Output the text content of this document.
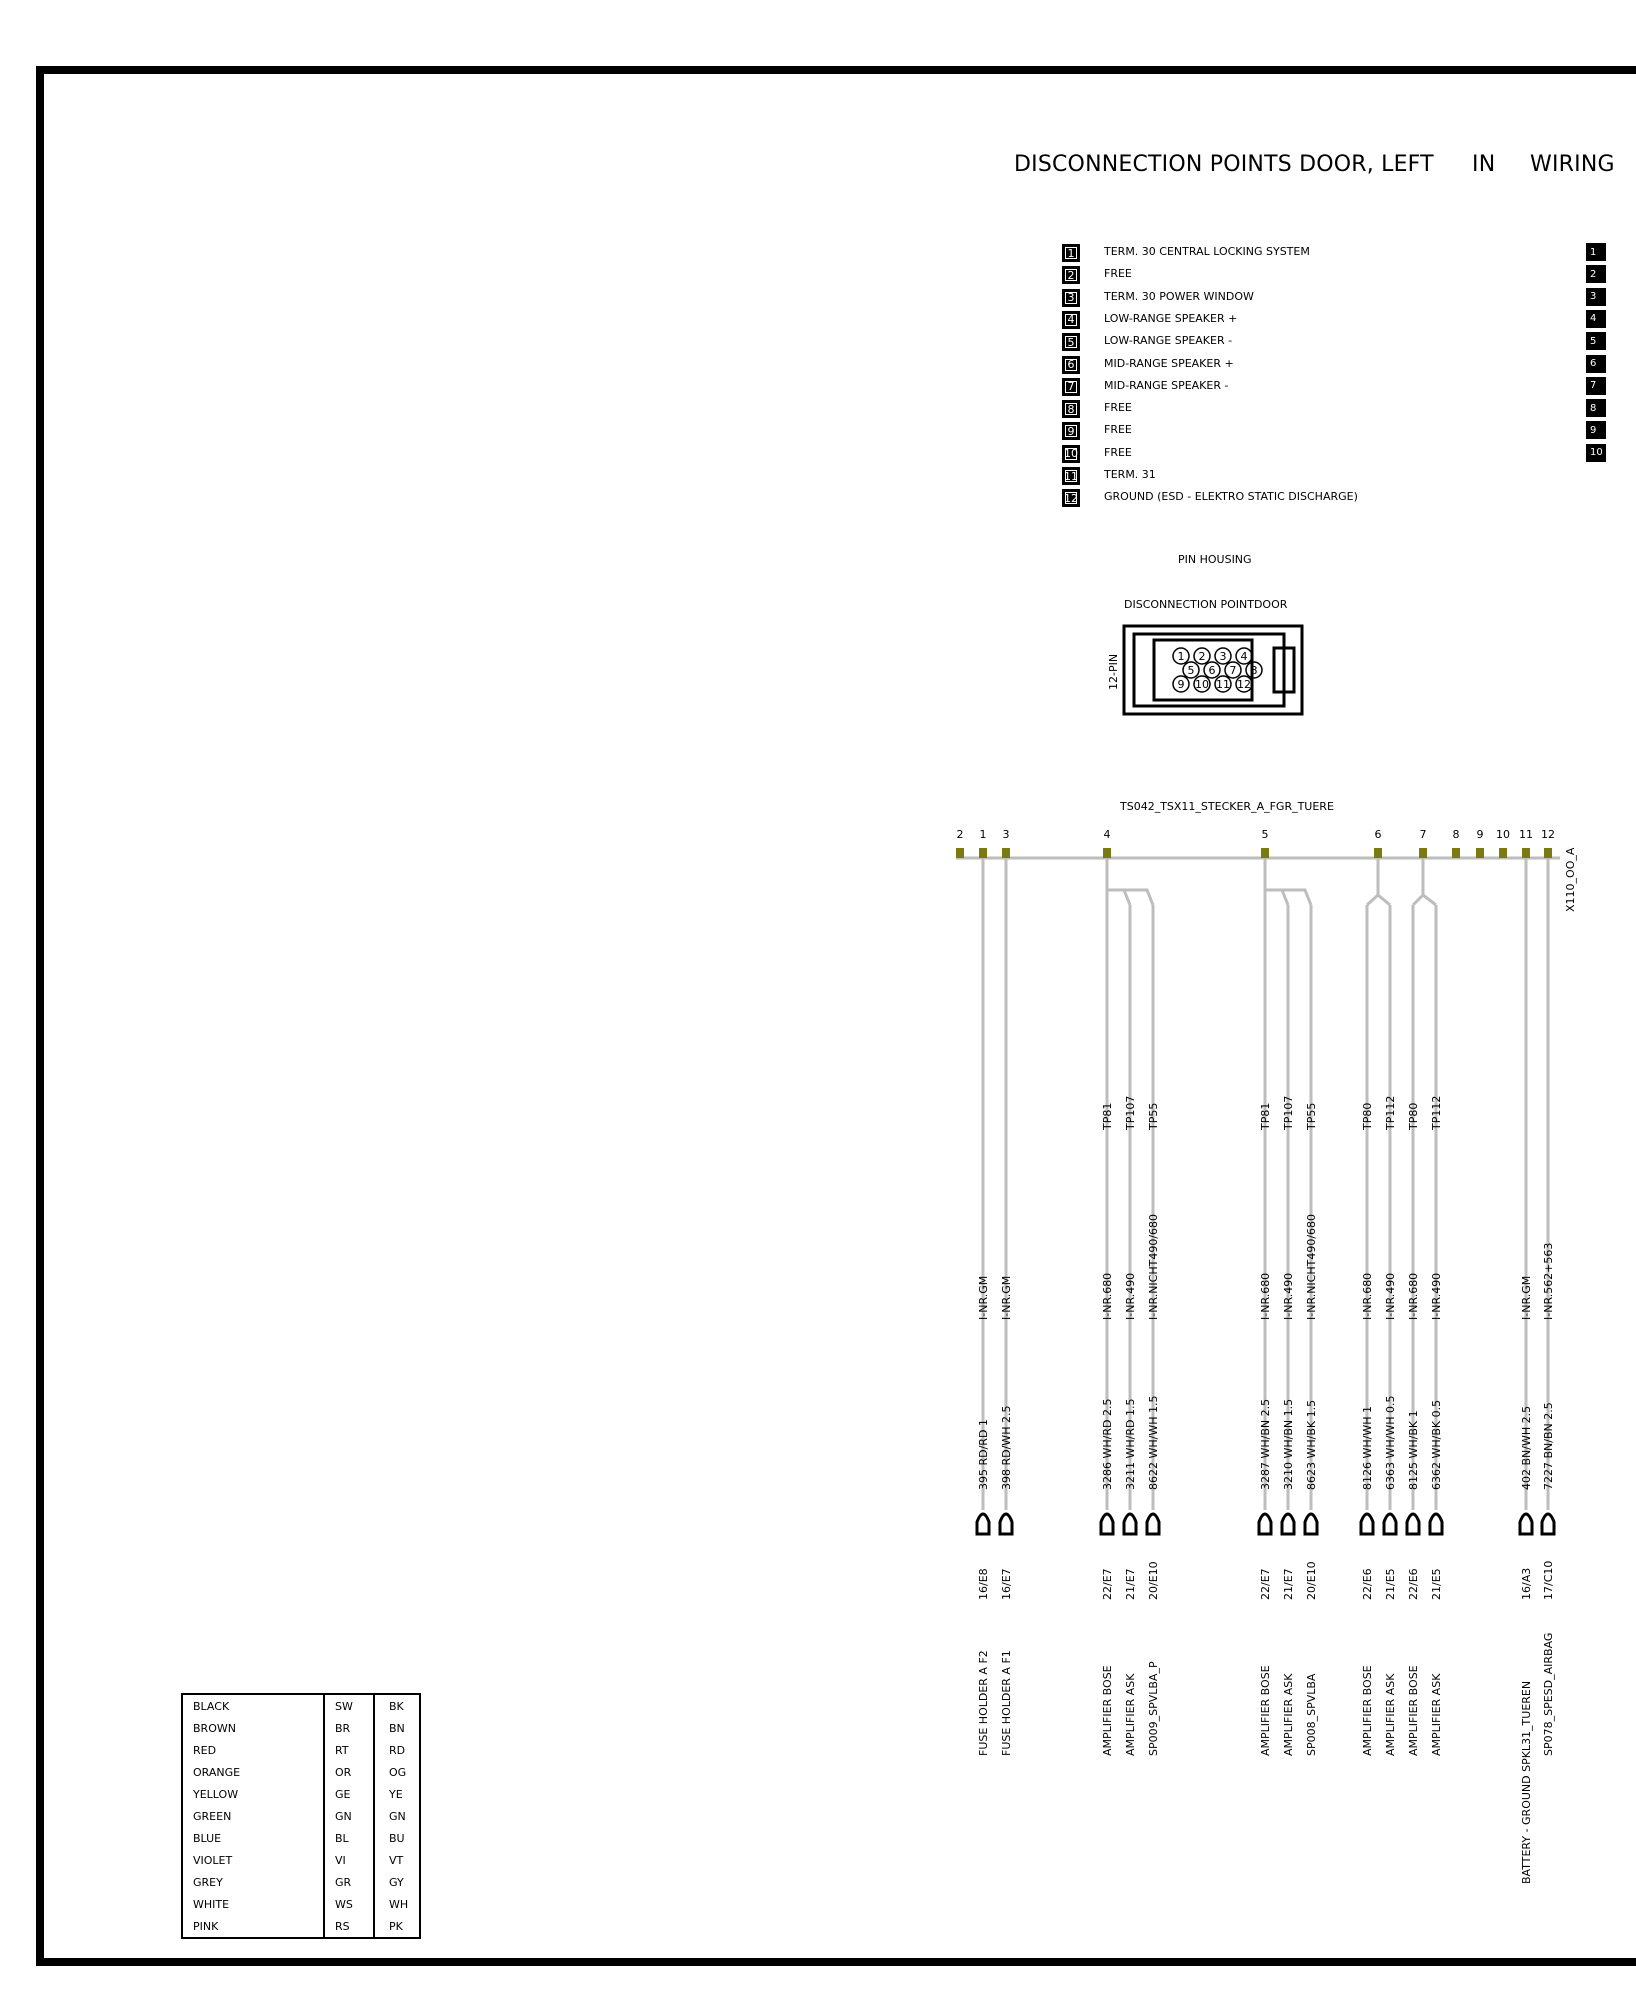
DISCONNECTION POINTS DOOR, LEFT IN WIRING
1	TERM. 30 CENTRAL LOCKING SYSTEM
2	FREE
3	TERM. 30 POWER WINDOW
4	LOW-RANGE SPEAKER +
5	LOW-RANGE SPEAKER -
6	MID-RANGE SPEAKER +
7	MID-RANGE SPEAKER -
8	FREE
9	FREE
10 FREE
11 TERM. 31
12 GROUND (ESD - ELEKTRO STATIC DISCHARGE)
1
2
3
4
5
6
7
8
9
10
PIN HOUSING
DISCONNECTION POINTDOOR
TS042_TSX11_STECKER_A_FGR_TUERE
1 2 3 4
5 6 7 8
9 10 11 12
12-PIN
2 1 3	4	5	6	7 8 9 10 11 12
X110_OO_A
I-NR.GM
395 RD/RD 1
16/E8
FUSE HOLDER A F2
I-NR.GM
398 RD/WH 2.5
16/E7
FUSE HOLDER A F1
TP81
I-NR.680
3286 WH/RD 2.5
22/E7
AMPLIFIER BOSE
TP107
I-NR.490
3211 WH/RD 1.5
21/E7
AMPLIFIER ASK
TP55
I-NR.NICHT490/680
8622 WH/WH 1.5
20/E10
SP009_SPVLBA_P
TP81
I-NR.680
3287 WH/BN 2.5
22/E7
AMPLIFIER BOSE
TP107
I-NR.490
3210 WH/BN 1.5
21/E7
AMPLIFIER ASK
TP55
I-NR.NICHT490/680
8623 WH/BK 1.5
20/E10
SP008_SPVLBA
TP80
I-NR.680
8126 WH/WH 1
22/E6
AMPLIFIER BOSE
TP112
I-NR.490
6363 WH/WH 0.5
21/E5
AMPLIFIER ASK
TP80
I-NR.680
8125 WH/BK 1
22/E6
AMPLIFIER BOSE
TP112
I-NR.490
6362 WH/BK 0.5
21/E5
AMPLIFIER ASK
I-NR.GM
402 BN/WH 2.5
16/A3
BATTERY - GROUND SPKL31_TUEREN
I-NR.562+563
7227 BN/BN 2.5
17/C10
SP078_SPESD_AIRBAG
BLACK	SW	BK
BROWN	BR	BN
RED	RT	RD
ORANGE	OR	OG
YELLOW	GE	YE
GREEN	GN	GN
BLUE	BL	BU
VIOLET	VI	VT
GREY	GR	GY
WHITE	WS	WH
PINK	RS	PK
